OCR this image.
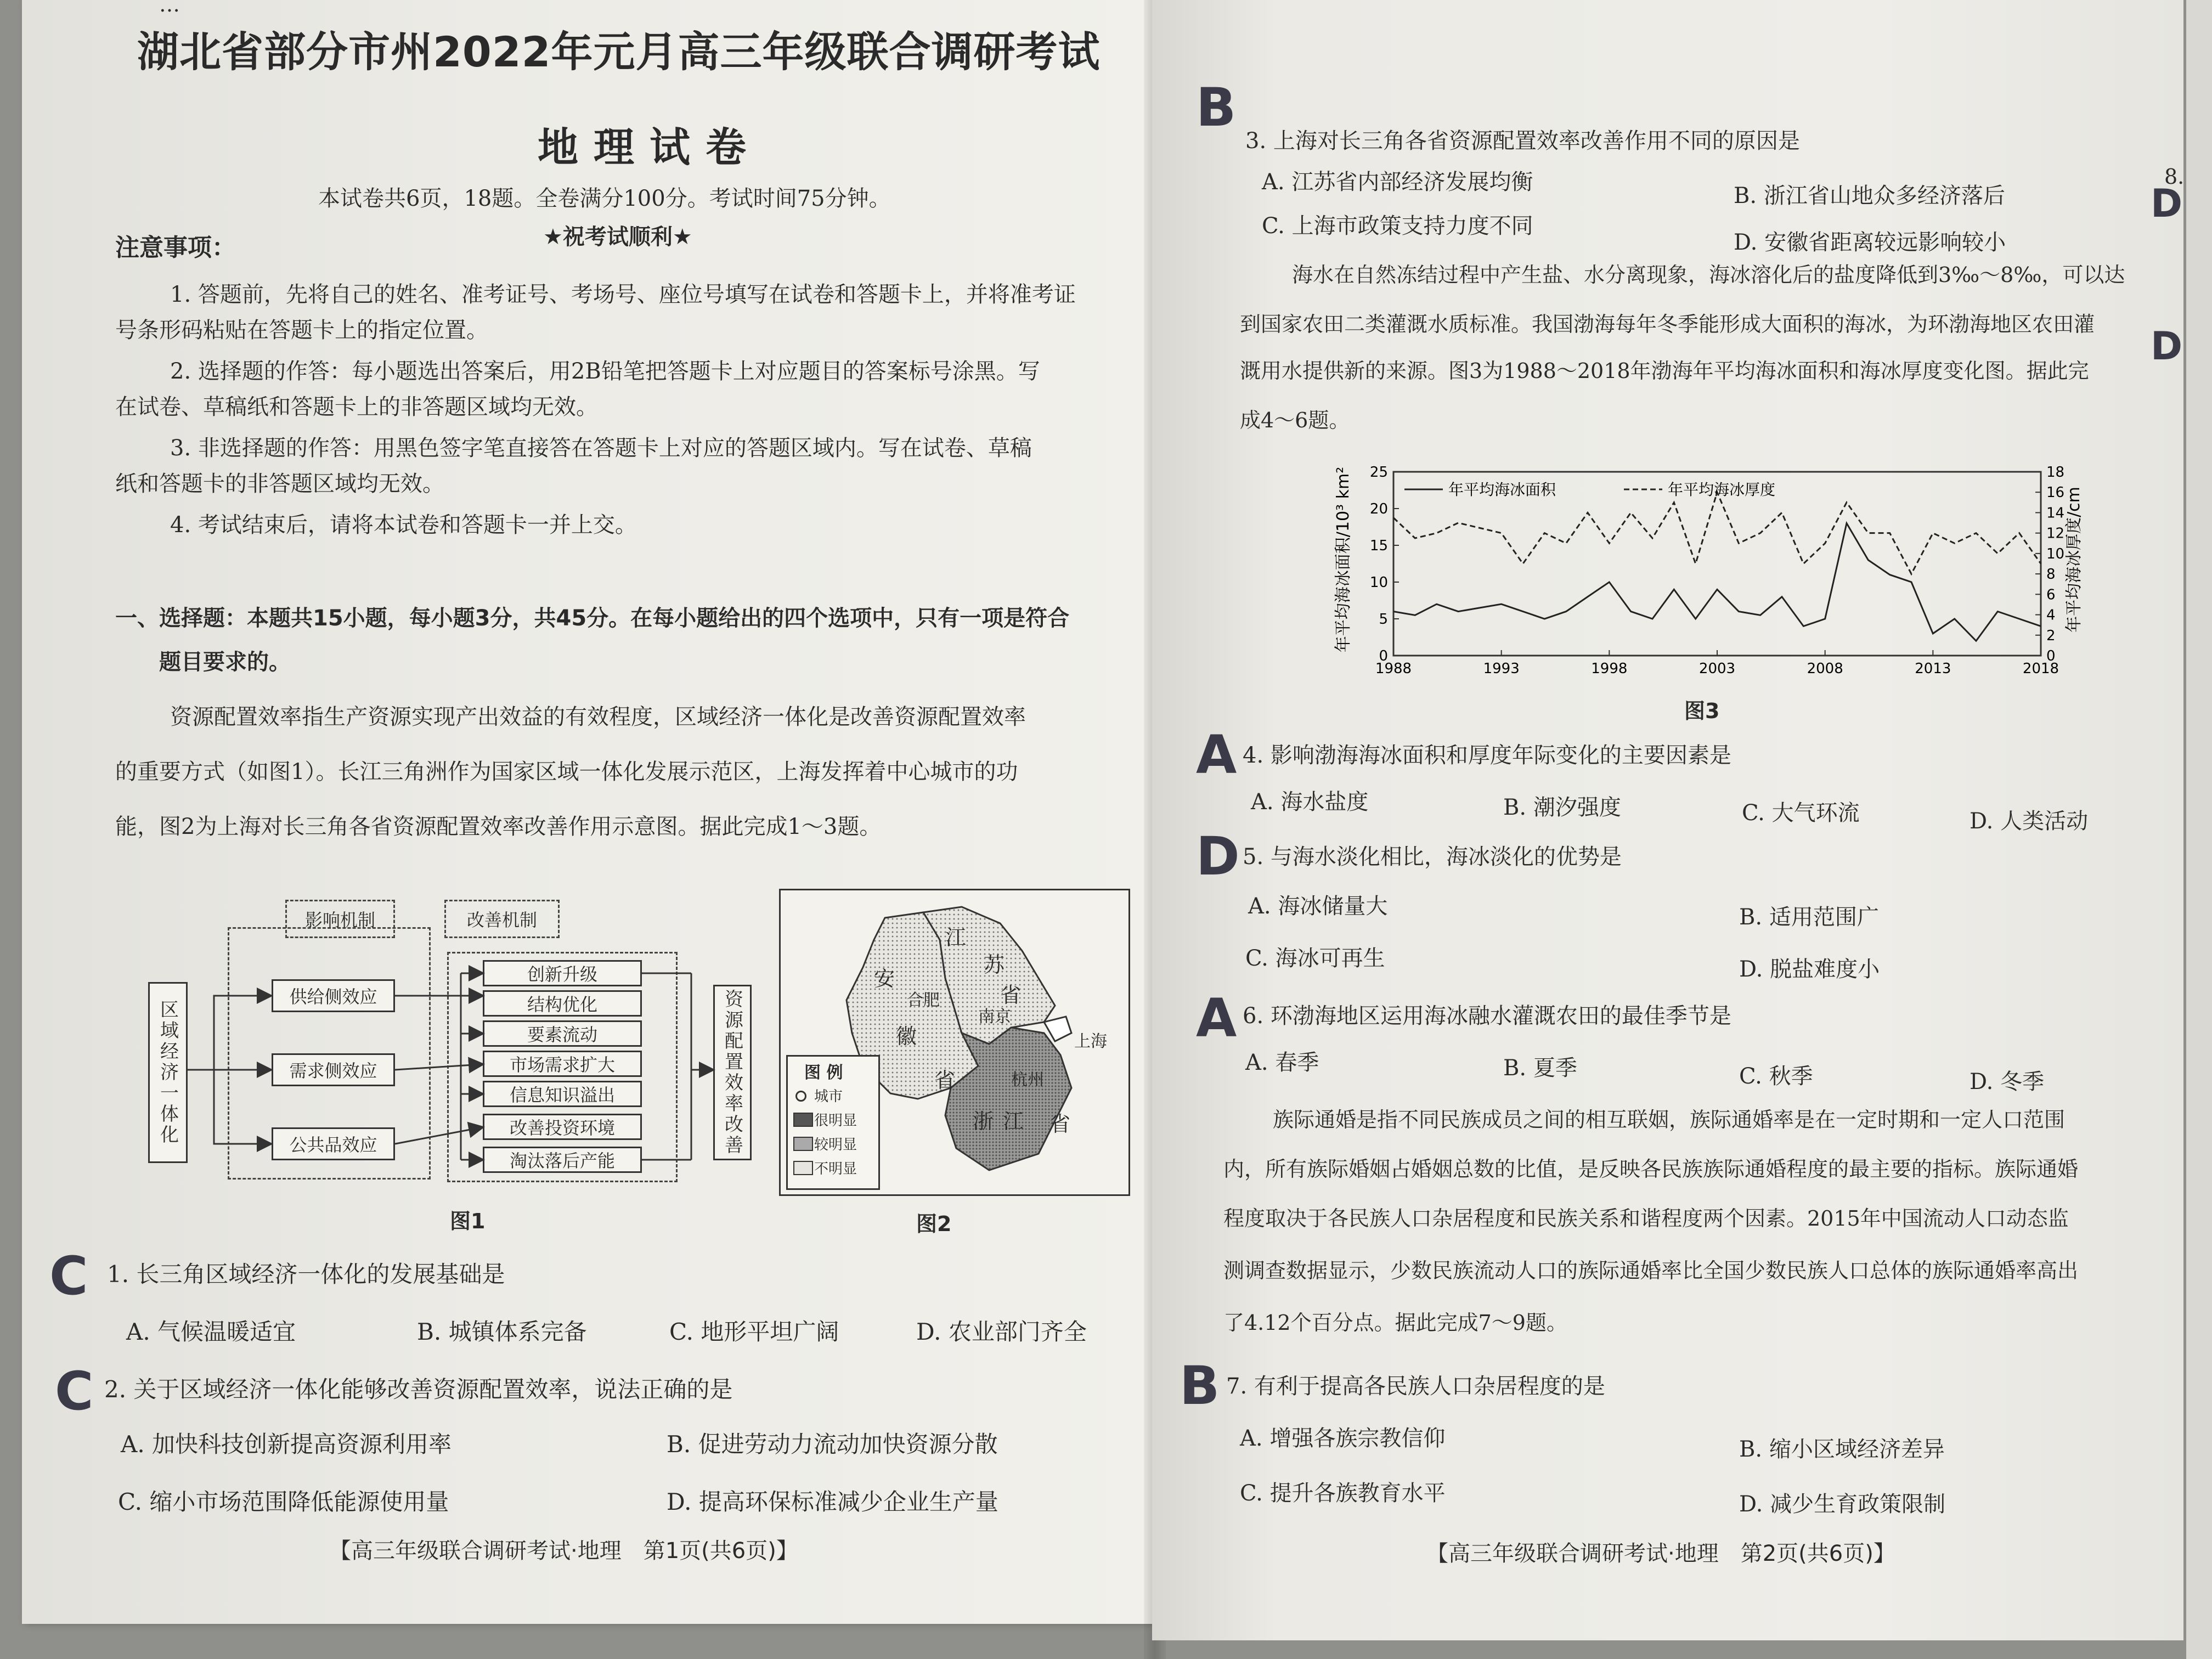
…
湖北省部分市州2022年元月高三年级联合调研考试
地理试卷
本试卷共6页，18题。全卷满分100分。考试时间75分钟。
★祝考试顺利★
注意事项：
1. 答题前，先将自己的姓名、准考证号、考场号、座位号填写在试卷和答题卡上，并将准考证
号条形码粘贴在答题卡上的指定位置。
2. 选择题的作答：每小题选出答案后，用2B铅笔把答题卡上对应题目的答案标号涂黑。写
在试卷、草稿纸和答题卡上的非答题区域均无效。
3. 非选择题的作答：用黑色签字笔直接答在答题卡上对应的答题区域内。写在试卷、草稿
纸和答题卡的非答题区域均无效。
4. 考试结束后，请将本试卷和答题卡一并上交。
一、选择题：本题共15小题，每小题3分，共45分。在每小题给出的四个选项中，只有一项是符合
题目要求的。
资源配置效率指生产资源实现产出效益的有效程度，区域经济一体化是改善资源配置效率
的重要方式（如图1）。长江三角洲作为国家区域一体化发展示范区，上海发挥着中心城市的功
能，图2为上海对长三角各省资源配置效率改善作用示意图。据此完成1～3题。
区域经济一体化
影响机制	改善机制
供给侧效应
需求侧效应
公共品效应
创新升级
结构优化
要素流动
市场需求扩大
信息知识溢出
改善投资环境
淘汰落后产能
资源配置效率改善
图1
江
苏
省
安
徽
省
合肥
南京
上海
杭州
浙 江 省
图 例
城市
很明显
较明显
不明显
图2
C 1. 长三角区域经济一体化的发展基础是
A. 气候温暖适宜	B. 城镇体系完备	C. 地形平坦广阔	D. 农业部门齐全
C 2. 关于区域经济一体化能够改善资源配置效率，说法正确的是
A. 加快科技创新提高资源利用率	B. 促进劳动力流动加快资源分散
C. 缩小市场范围降低能源使用量	D. 提高环保标准减少企业生产量
【高三年级联合调研考试·地理　第1页(共6页)】
B
3. 上海对长三角各省资源配置效率改善作用不同的原因是
A. 江苏省内部经济发展均衡
B. 浙江省山地众多经济落后
C. 上海市政策支持力度不同
D. 安徽省距离较远影响较小
海水在自然冻结过程中产生盐、水分离现象，海冰溶化后的盐度降低到3‰～8‰，可以达
到国家农田二类灌溉水质标准。我国渤海每年冬季能形成大面积的海冰，为环渤海地区农田灌
溉用水提供新的来源。图3为1988～2018年渤海年平均海冰面积和海冰厚度变化图。据此完
成4～6题。
年平均海冰面积/10³ km²	年平均海冰厚度/cm
1988	1993	1998	2003	2008	2013	2018
0
5
10
15
20
25
0
2
4
6
8
10
12
14
16
18
年平均海冰面积	年平均海冰厚度
图3
A 4. 影响渤海海冰面积和厚度年际变化的主要因素是
A. 海水盐度	B. 潮汐强度	C. 大气环流	D. 人类活动
D 5. 与海水淡化相比，海冰淡化的优势是
A. 海冰储量大	B. 适用范围广
C. 海冰可再生	D. 脱盐难度小
A 6. 环渤海地区运用海冰融水灌溉农田的最佳季节是
A. 春季	B. 夏季	C. 秋季	D. 冬季
族际通婚是指不同民族成员之间的相互联姻，族际通婚率是在一定时期和一定人口范围
内，所有族际婚姻占婚姻总数的比值，是反映各民族族际通婚程度的最主要的指标。族际通婚
程度取决于各民族人口杂居程度和民族关系和谐程度两个因素。2015年中国流动人口动态监
测调查数据显示，少数民族流动人口的族际通婚率比全国少数民族人口总体的族际通婚率高出
了4.12个百分点。据此完成7～9题。
B 7. 有利于提高各民族人口杂居程度的是
A. 增强各族宗教信仰	B. 缩小区域经济差异
C. 提升各族教育水平	D. 减少生育政策限制
【高三年级联合调研考试·地理　第2页(共6页)】
8.
D
D
